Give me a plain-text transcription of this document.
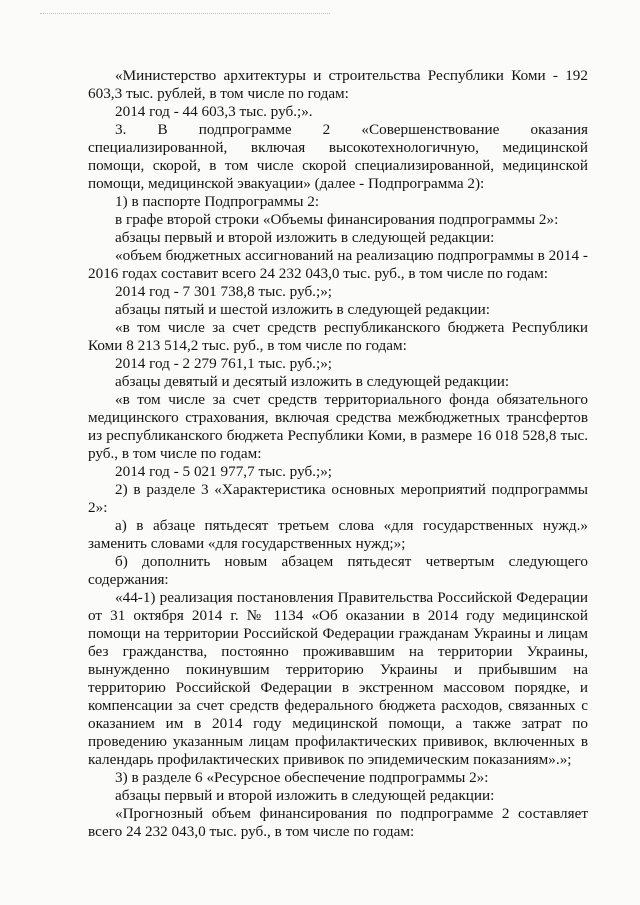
«Министерство архитектуры и строительства Республики Коми - 192 603,3 тыс. рублей, в том числе по годам:

2014 год - 44 603,3 тыс. руб.;».

3. В подпрограмме 2 «Совершенствование оказания специализированной, включая высокотехнологичную, медицинской помощи, скорой, в том числе скорой специализированной, медицинской помощи, медицинской эвакуации» (далее - Подпрограмма 2):

1) в паспорте Подпрограммы 2:

в графе второй строки «Объемы финансирования подпрограммы 2»:

абзацы первый и второй изложить в следующей редакции:

«объем бюджетных ассигнований на реализацию подпрограммы в 2014 - 2016 годах составит всего 24 232 043,0 тыс. руб., в том числе по годам:

2014 год - 7 301 738,8 тыс. руб.;»;

абзацы пятый и шестой изложить в следующей редакции:

«в том числе за счет средств республиканского бюджета Республики Коми 8 213 514,2 тыс. руб., в том числе по годам:

2014 год - 2 279 761,1 тыс. руб.;»;

абзацы девятый и десятый изложить в следующей редакции:

«в том числе за счет средств территориального фонда обязательного медицинского страхования, включая средства межбюджетных трансфертов из республиканского бюджета Республики Коми, в размере 16 018 528,8 тыс. руб., в том числе по годам:

2014 год - 5 021 977,7 тыс. руб.;»;

2) в разделе 3 «Характеристика основных мероприятий подпрограммы 2»:

а) в абзаце пятьдесят третьем слова «для государственных нужд.» заменить словами «для государственных нужд;»;

б) дополнить новым абзацем пятьдесят четвертым следующего содержания:

«44-1) реализация постановления Правительства Российской Федерации от 31 октября 2014 г. № 1134 «Об оказании в 2014 году медицинской помощи на территории Российской Федерации гражданам Украины и лицам без гражданства, постоянно проживавшим на территории Украины, вынужденно покинувшим территорию Украины и прибывшим на территорию Российской Федерации в экстренном массовом порядке, и компенсации за счет средств федерального бюджета расходов, связанных с оказанием им в 2014 году медицинской помощи, а также затрат по проведению указанным лицам профилактических прививок, включенных в календарь профилактических прививок по эпидемическим показаниям».»;

3) в разделе 6 «Ресурсное обеспечение подпрограммы 2»:

абзацы первый и второй изложить в следующей редакции:

«Прогнозный объем финансирования по подпрограмме 2 составляет всего 24 232 043,0 тыс. руб., в том числе по годам:
